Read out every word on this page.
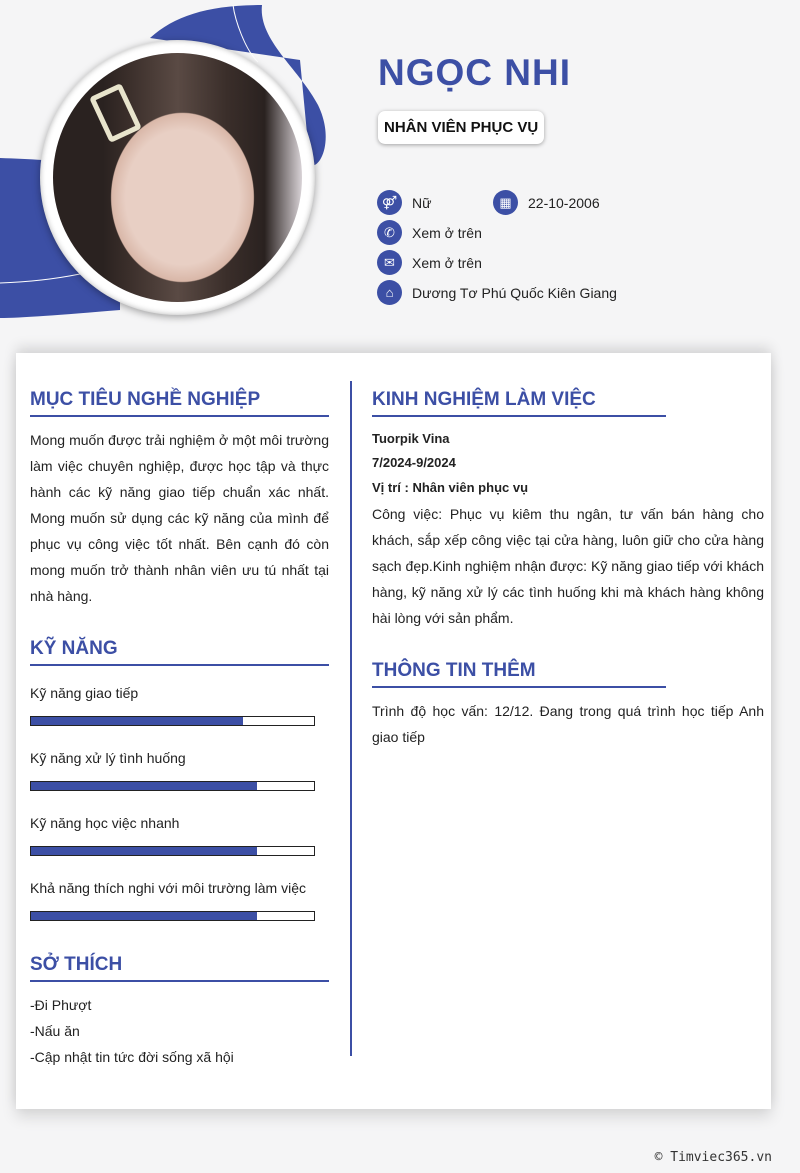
NGỌC NHI
NHÂN VIÊN PHỤC VỤ
⚤	Nữ	▦	22-10-2006
✆	Xem ở trên
✉	Xem ở trên
⌂	Dương Tơ Phú Quốc Kiên Giang
MỤC TIÊU NGHỀ NGHIỆP
Mong muốn được trải nghiệm ở một môi trường làm việc chuyên nghiệp, được học tập và thực hành các kỹ năng giao tiếp chuẩn xác nhất. Mong muốn sử dụng các kỹ năng của mình để phục vụ công việc tốt nhất. Bên cạnh đó còn mong muốn trở thành nhân viên ưu tú nhất tại nhà hàng.
KỸ NĂNG
Kỹ năng giao tiếp
Kỹ năng xử lý tình huống
Kỹ năng học việc nhanh
Khả năng thích nghi với môi trường làm việc
SỞ THÍCH
-Đi Phượt
-Nấu ăn
-Cập nhật tin tức đời sống xã hội
KINH NGHIỆM LÀM VIỆC
Tuorpik Vina
7/2024-9/2024
Vị trí : Nhân viên phục vụ
Công việc: Phục vụ kiêm thu ngân, tư vấn bán hàng cho khách, sắp xếp công việc tại cửa hàng, luôn giữ cho cửa hàng sạch đẹp.Kinh nghiệm nhận được: Kỹ năng giao tiếp với khách hàng, kỹ năng xử lý các tình huống khi mà khách hàng không hài lòng với sản phẩm.
THÔNG TIN THÊM
Trình độ học vấn: 12/12. Đang trong quá trình học tiếp Anh giao tiếp
© Timviec365.vn
